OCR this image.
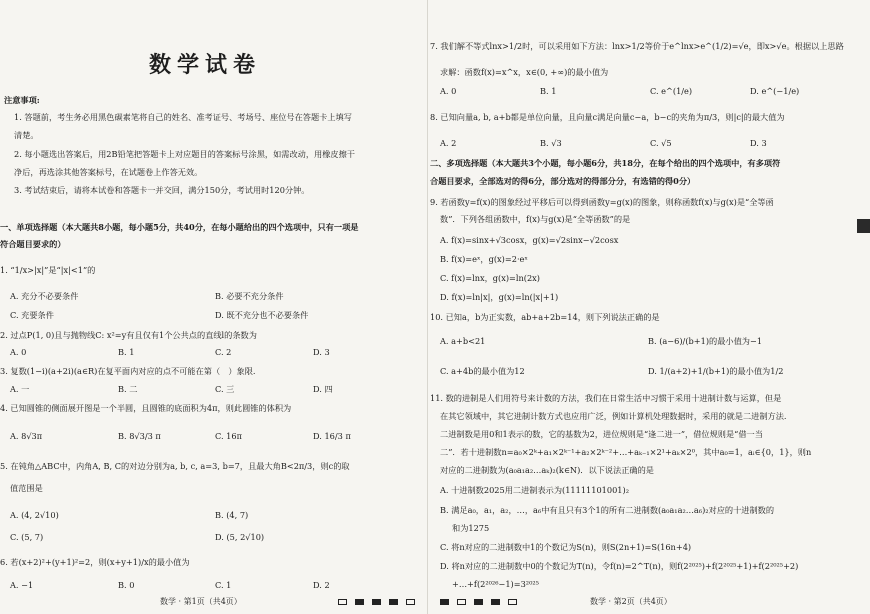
数学试卷
注意事项:
1. 答题前，考生务必用黑色碳素笔将自己的姓名、准考证号、考场号、座位号在答题卡上填写
清楚。
2. 每小题选出答案后，用2B铅笔把答题卡上对应题目的答案标号涂黑，如需改动，用橡皮擦干
净后，再选涂其他答案标号，在试题卷上作答无效。
3. 考试结束后，请将本试卷和答题卡一并交回，满分150分，考试用时120分钟。
一、单项选择题（本大题共8小题，每小题5分，共40分，在每小题给出的四个选项中，只有一项是
符合题目要求的）
1. “1/x>|x|”是“|x|<1”的
A. 充分不必要条件	B. 必要不充分条件
C. 充要条件	D. 既不充分也不必要条件
2. 过点P(1, 0)且与抛物线C: x²=y有且仅有1个公共点的直线l的条数为
A. 0	B. 1	C. 2	D. 3
3. 复数(1−i)(a+2i)(a∈R)在复平面内对应的点不可能在第（　）象限.
A. 一	B. 二	C. 三	D. 四
4. 已知圆锥的侧面展开图是一个半圆，且圆锥的底面积为4π，则此圆锥的体积为
A. 8√3π	B. 8√3/3 π	C. 16π	D. 16/3 π
5. 在钝角△ABC中，内角A, B, C的对边分别为a, b, c, a=3, b=7，且最大角B<2π/3，则c的取
值范围是
A. (4, 2√10)	B. (4, 7)
C. (5, 7)	D. (5, 2√10)
6. 若(x+2)²+(y+1)²=2，则(x+y+1)/x的最小值为
A. −1	B. 0	C. 1	D. 2
数学 · 第1页（共4页）
7. 我们解不等式lnx>1/2时，可以采用如下方法：lnx>1/2等价于e^lnx>e^(1/2)=√e，即x>√e。根据以上思路
求解：函数f(x)=x^x，x∈(0, +∞)的最小值为
A. 0	B. 1	C. e^(1/e)	D. e^(−1/e)
8. 已知向量a, b, a+b都是单位向量，且向量c满足向量c−a，b−c的夹角为π/3，则|c|的最大值为
A. 2	B. √3	C. √5	D. 3
二、多项选择题（本大题共3个小题，每小题6分，共18分，在每个给出的四个选项中，有多项符
合题目要求，全部选对的得6分，部分选对的得部分分，有选错的得0分）
9. 若函数y=f(x)的图象经过平移后可以得到函数y=g(x)的图象，则称函数f(x)与g(x)是“全等函
数”．下列各组函数中，f(x)与g(x)是“全等函数”的是
A. f(x)=sinx+√3cosx，g(x)=√2sinx−√2cosx
B. f(x)=eˣ，g(x)=2·eˣ
C. f(x)=lnx，g(x)=ln(2x)
D. f(x)=ln|x|，g(x)=ln(|x|+1)
10. 已知a，b为正实数，ab+a+2b=14，则下列说法正确的是
A. a+b<21	B. (a−6)/(b+1)的最小值为−1
C. a+4b的最小值为12	D. 1/(a+2)+1/(b+1)的最小值为1/2
11. 数的进制是人们用符号来计数的方法，我们在日常生活中习惯于采用十进制计数与运算，但是
在其它领域中，其它进制计数方式也应用广泛，例如计算机处理数据时，采用的就是二进制方法.
二进制数是用0和1表示的数，它的基数为2，进位规则是“逢二进一”，借位规则是“借一当
二”．若十进制数n=a₀×2ᵏ+a₁×2ᵏ⁻¹+a₂×2ᵏ⁻²+…+aₖ₋₁×2¹+aₖ×2⁰，其中a₀=1，aᵢ∈{0，1}，则n
对应的二进制数为(a₀a₁a₂…aₖ)₂(k∈N)．以下说法正确的是
A. 十进制数2025用二进制表示为(11111101001)₂
B. 满足a₀，a₁，a₂，…，a₆中有且只有3个1的所有二进制数(a₀a₁a₂…a₆)₂对应的十进制数的
和为1275
C. 将n对应的二进制数中1的个数记为S(n)，则S(2n+1)=S(16n+4)
D. 将n对应的二进制数中0的个数记为T(n)，令f(n)=2^T(n)，则f(2²⁰²⁵)+f(2²⁰²⁵+1)+f(2²⁰²⁵+2)
+…+f(2²⁰²⁶−1)=3²⁰²⁵
数学 · 第2页（共4页）
